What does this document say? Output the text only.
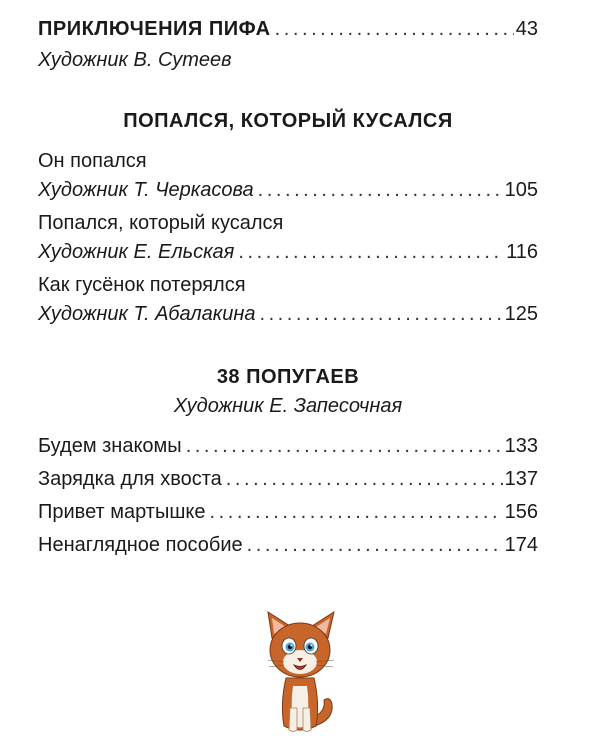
ПРИКЛЮЧЕНИЯ ПИФА . . .	43
Художник В. Сутеев
ПОПАЛСЯ, КОТОРЫЙ КУСАЛСЯ
Он попался
Художник Т. Черкасова . . .	105
Попался, который кусался
Художник Е. Ельская . . .	116
Как гусёнок потерялся
Художник Т. Абалакина . . .	125
38 ПОПУГАЕВ
Художник Е. Запесочная
Будем знакомы . . .	133
Зарядка для хвоста . . .	137
Привет мартышке . . .	156
Ненаглядное пособие . . .	174
